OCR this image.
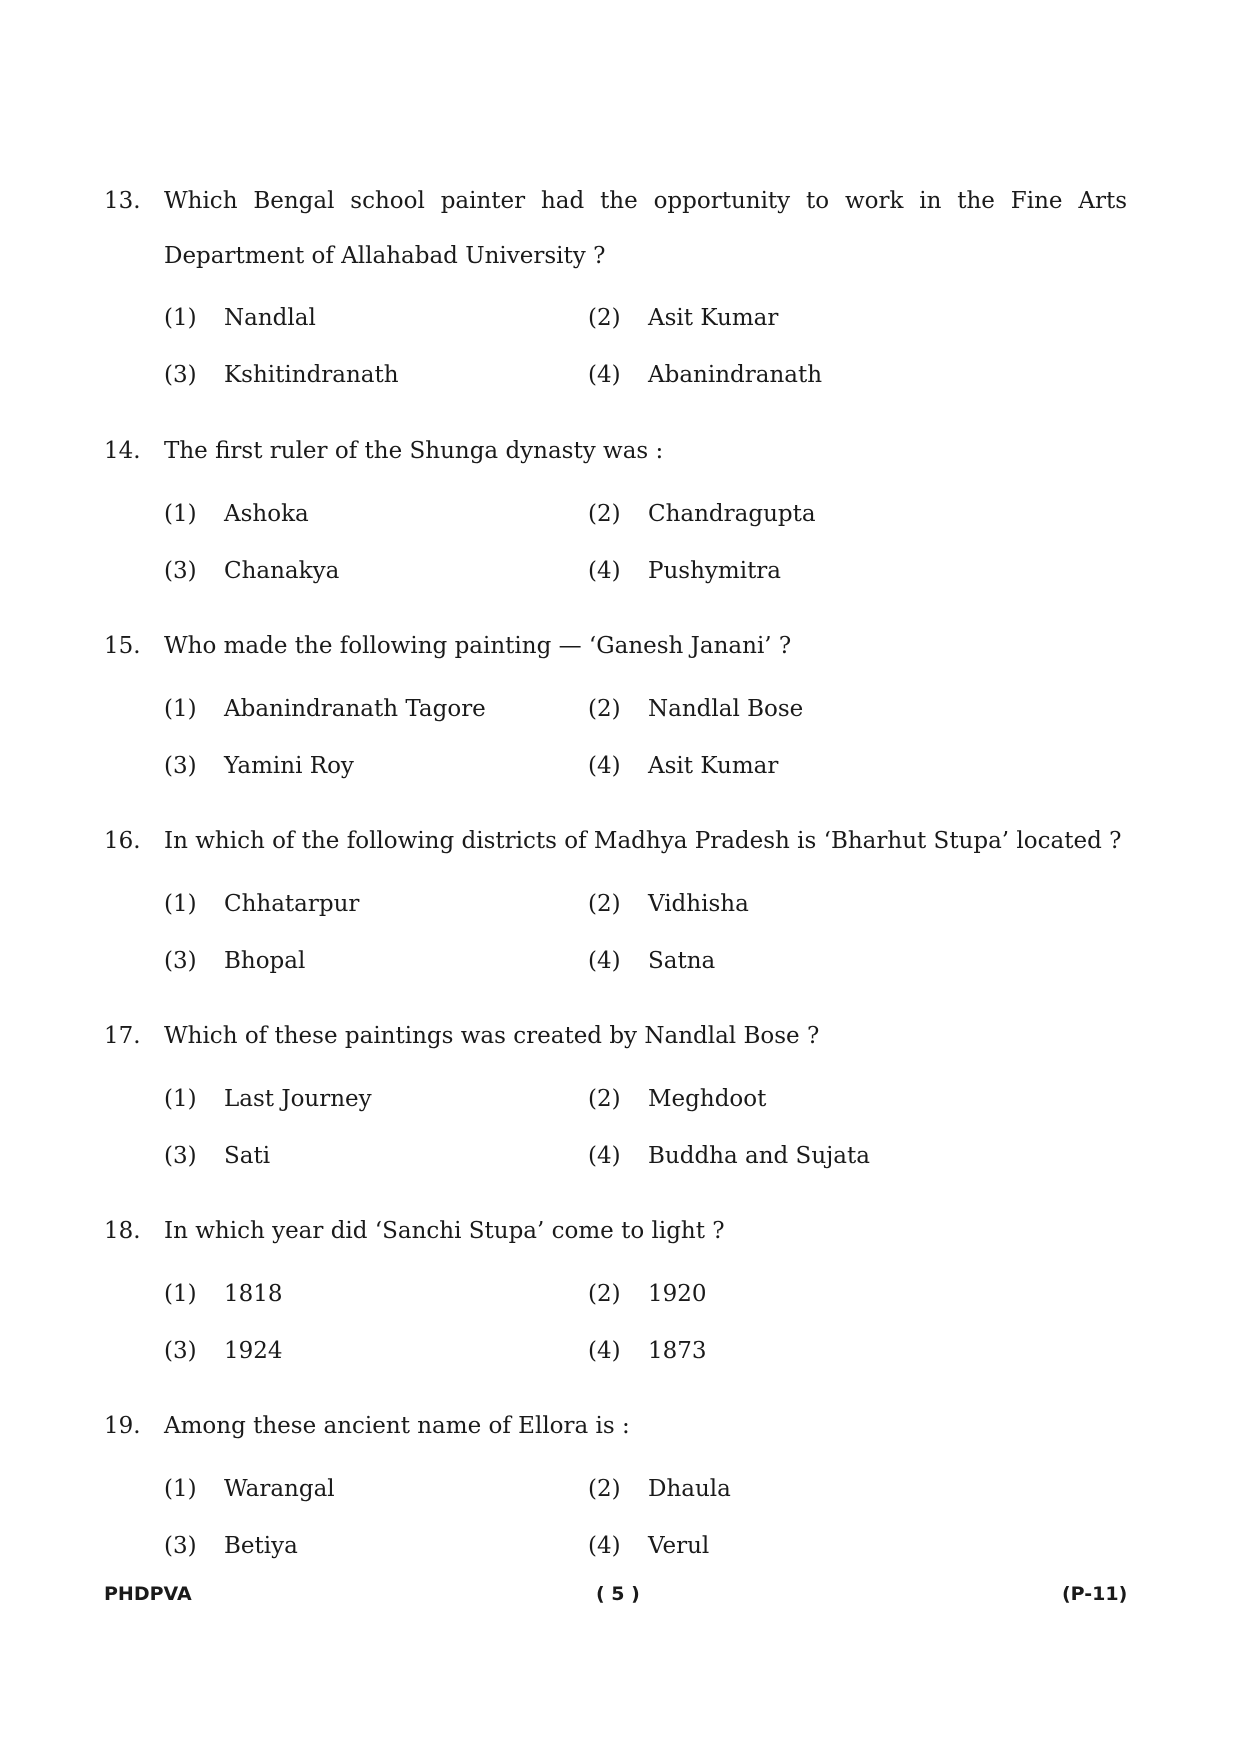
13. Which Bengal school painter had the opportunity to work in the Fine Arts
Department of Allahabad University ?
(1) Nandlal	(2) Asit Kumar
(3) Kshitindranath	(4) Abanindranath
14. The first ruler of the Shunga dynasty was :
(1) Ashoka	(2) Chandragupta
(3) Chanakya	(4) Pushymitra
15. Who made the following painting — ‘Ganesh Janani’ ?
(1) Abanindranath Tagore	(2) Nandlal Bose
(3) Yamini Roy	(4) Asit Kumar
16. In which of the following districts of Madhya Pradesh is ‘Bharhut Stupa’ located ?
(1) Chhatarpur	(2) Vidhisha
(3) Bhopal	(4) Satna
17. Which of these paintings was created by Nandlal Bose ?
(1) Last Journey	(2) Meghdoot
(3) Sati	(4) Buddha and Sujata
18. In which year did ‘Sanchi Stupa’ come to light ?
(1) 1818	(2) 1920
(3) 1924	(4) 1873
19. Among these ancient name of Ellora is :
(1) Warangal	(2) Dhaula
(3) Betiya	(4) Verul
PHDPVA	( 5 )	(P-11)
